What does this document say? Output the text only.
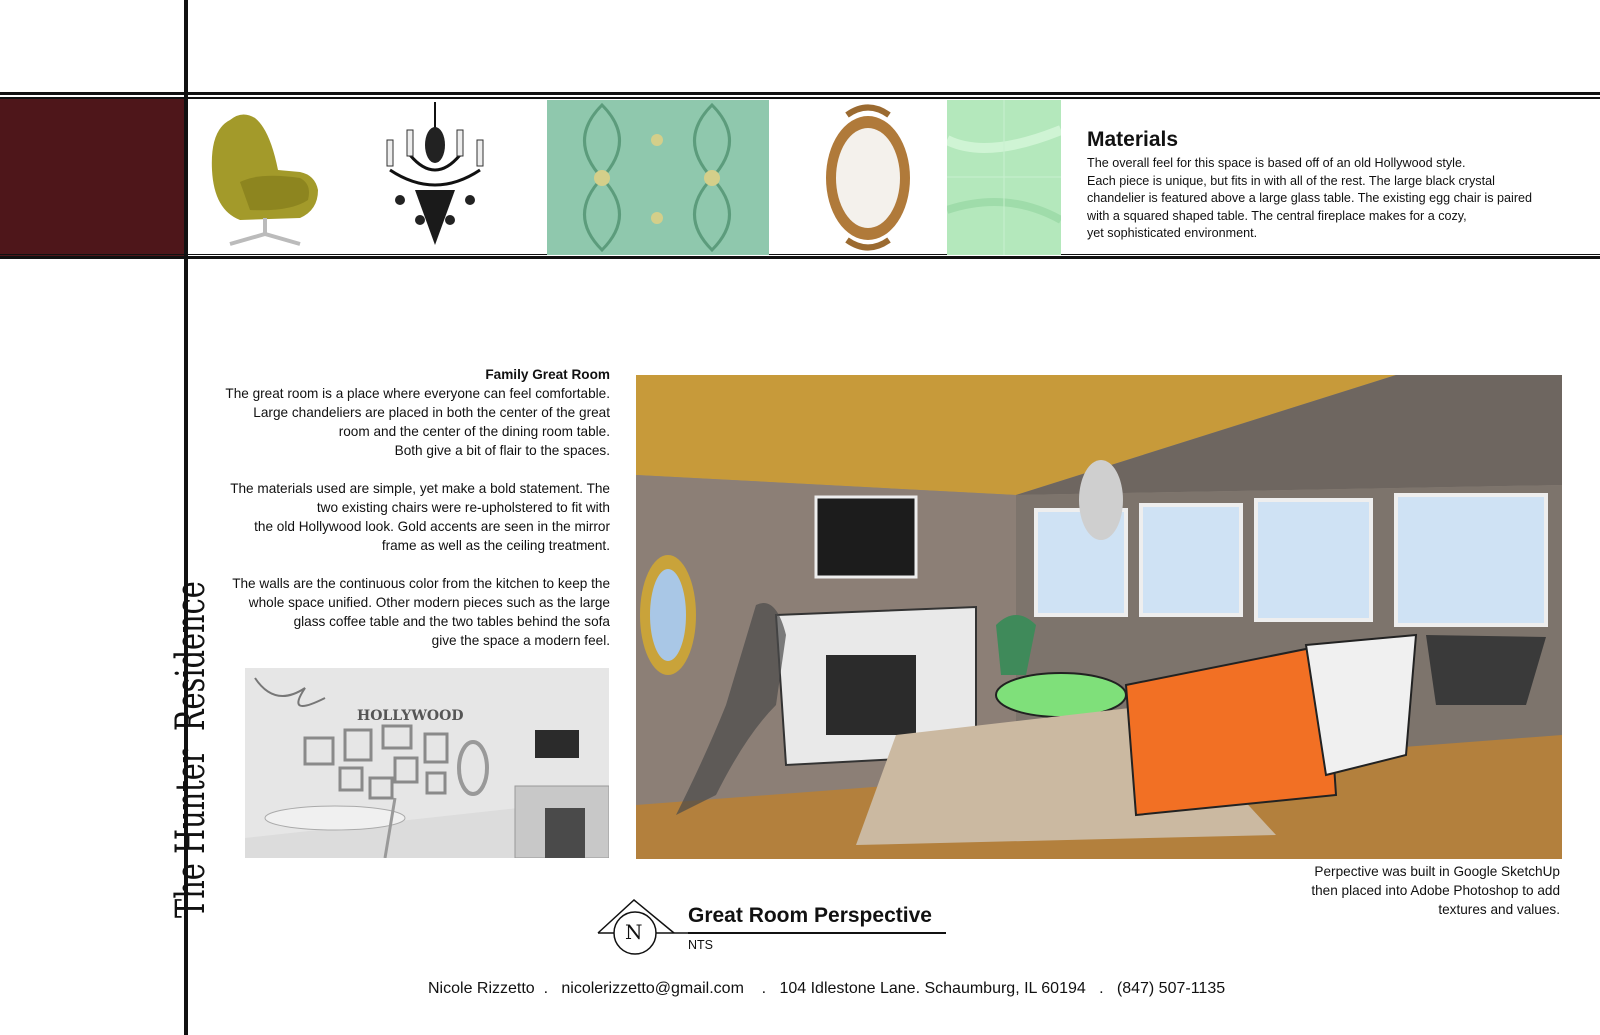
Materials
The overall feel for this space is based off of an old Hollywood style.
Each piece is unique, but fits in with all of the rest. The large black crystal
chandelier is featured above a large glass table. The existing egg chair is paired
with a squared shaped table. The central fireplace makes for a cozy,
yet sophisticated environment.
The Hunter  Residence
Family Great Room

The great room is a place where everyone can feel comfortable.
Large chandeliers are placed in both the center of the great
room and the center of the dining room table.
Both give a bit of flair to the spaces.

The materials used are simple, yet make a bold statement. The
two existing chairs were re-upholstered to fit with
the old Hollywood look. Gold accents are seen in the mirror
frame as well as the ceiling treatment.

The walls are the continuous color from the kitchen to keep the
whole space unified. Other modern pieces such as the large
glass coffee table and the two tables behind the sofa
give the space a modern feel.

HOLLYWOOD
Perpective was built in Google SketchUp
then placed into Adobe Photoshop to add
textures and values.
N
Great Room Perspective
NTS
Nicole Rizzetto  .   nicolerizzetto@gmail.com    .   104 Idlestone Lane. Schaumburg, IL 60194   .   (847) 507-1135
